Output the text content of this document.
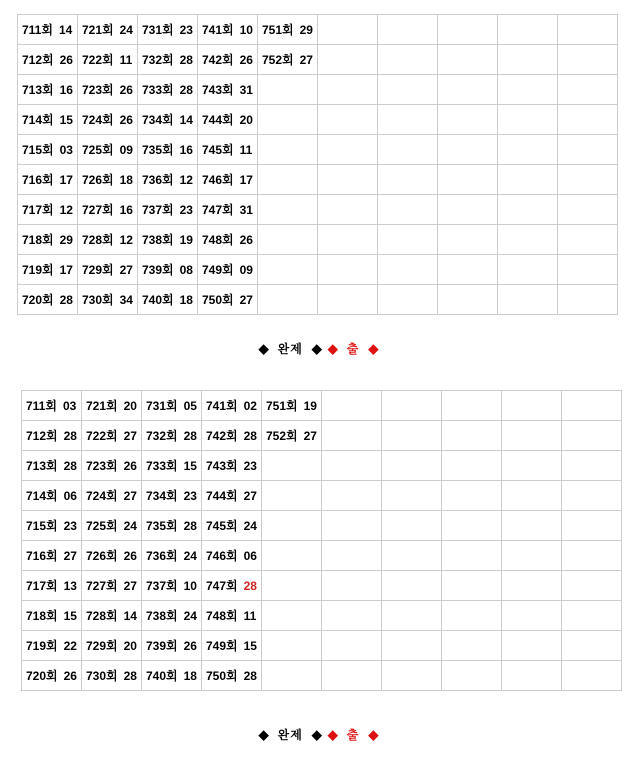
711회 14	721회 24	731회 23	741회 10	751회 29					
712회 26	722회 11	732회 28	742회 26	752회 27					
713회 16	723회 26	733회 28	743회 31						
714회 15	724회 26	734회 14	744회 20						
715회 03	725회 09	735회 16	745회 11						
716회 17	726회 18	736회 12	746회 17						
717회 12	727회 16	737회 23	747회 31						
718회 29	728회 12	738회 19	748회 26						
719회 17	729회 27	739회 08	749회 09						
720회 28	730회 34	740회 18	750회 27						
◆ 완제 ◆ ◆ 출 ◆
711회 03	721회 20	731회 05	741회 02	751회 19					
712회 28	722회 27	732회 28	742회 28	752회 27					
713회 28	723회 26	733회 15	743회 23						
714회 06	724회 27	734회 23	744회 27						
715회 23	725회 24	735회 28	745회 24						
716회 27	726회 26	736회 24	746회 06						
717회 13	727회 27	737회 10	747회 28						
718회 15	728회 14	738회 24	748회 11						
719회 22	729회 20	739회 26	749회 15						
720회 26	730회 28	740회 18	750회 28						
◆ 완제 ◆ ◆ 출 ◆
